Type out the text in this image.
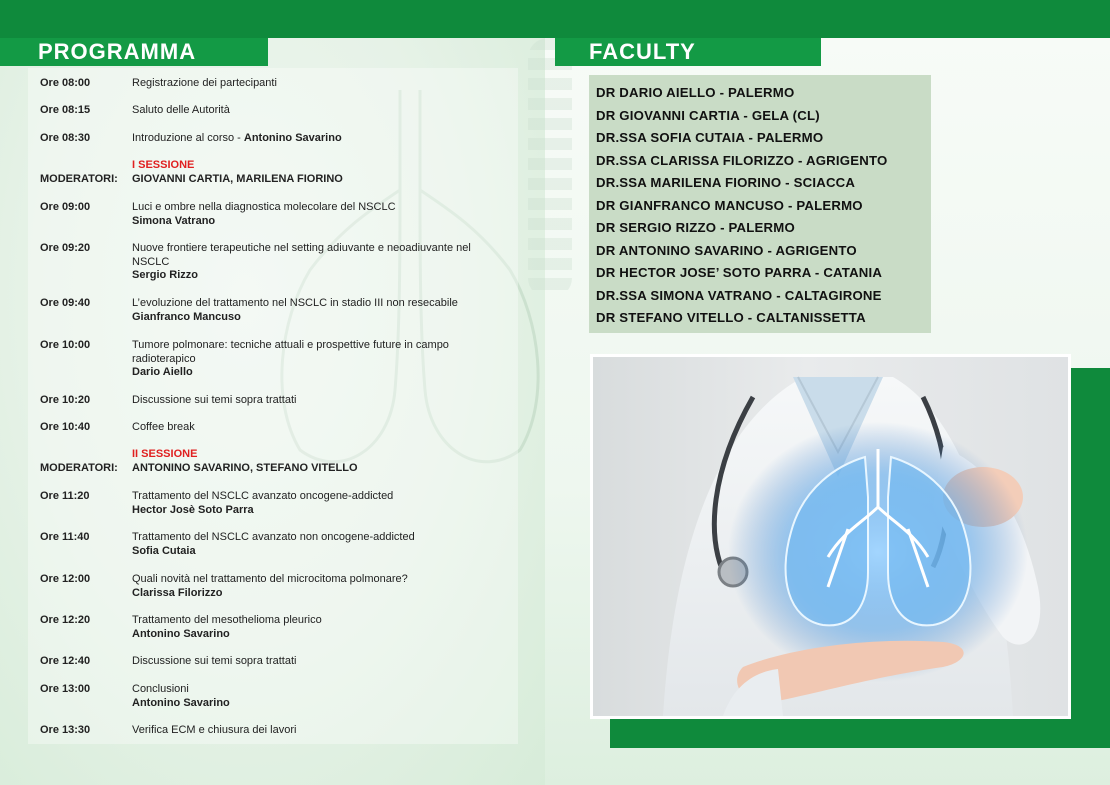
PROGRAMMA	FACULTY
Ore 08:00	Registrazione dei partecipanti
Ore 08:15	Saluto delle Autorità
Ore 08:30	Introduzione al corso - Antonino Savarino
I SESSIONE
MODERATORI:	GIOVANNI CARTIA, MARILENA FIORINO
Ore 09:00	Luci e ombre nella diagnostica molecolare del NSCLC
Simona Vatrano
Ore 09:20	Nuove frontiere terapeutiche nel setting adiuvante e neoadiuvante nel NSCLC
Sergio Rizzo
Ore 09:40	L’evoluzione del trattamento nel NSCLC in stadio III non resecabile
Gianfranco Mancuso
Ore 10:00	Tumore polmonare: tecniche attuali e prospettive future in campo radioterapico
Dario Aiello
Ore 10:20	Discussione sui temi sopra trattati
Ore 10:40	Coffee break
II SESSIONE
MODERATORI:	ANTONINO SAVARINO, STEFANO VITELLO
Ore 11:20	Trattamento del NSCLC avanzato oncogene-addicted
Hector Josè Soto Parra
Ore 11:40	Trattamento del NSCLC avanzato non oncogene-addicted
Sofia Cutaia
Ore 12:00	Quali novità nel trattamento del microcitoma polmonare?
Clarissa Filorizzo
Ore 12:20	Trattamento del mesothelioma pleurico
Antonino Savarino
Ore 12:40	Discussione sui temi sopra trattati
Ore 13:00	Conclusioni
Antonino Savarino
Ore 13:30	Verifica ECM e chiusura dei lavori
DR DARIO AIELLO - PALERMO
DR GIOVANNI CARTIA - GELA (CL)
DR.SSA SOFIA CUTAIA - PALERMO
DR.SSA CLARISSA FILORIZZO - AGRIGENTO
DR.SSA MARILENA FIORINO - SCIACCA
DR GIANFRANCO MANCUSO - PALERMO
DR SERGIO RIZZO - PALERMO
DR ANTONINO SAVARINO - AGRIGENTO
DR HECTOR JOSE’ SOTO PARRA - CATANIA
DR.SSA SIMONA VATRANO - CALTAGIRONE
DR STEFANO VITELLO - CALTANISSETTA
